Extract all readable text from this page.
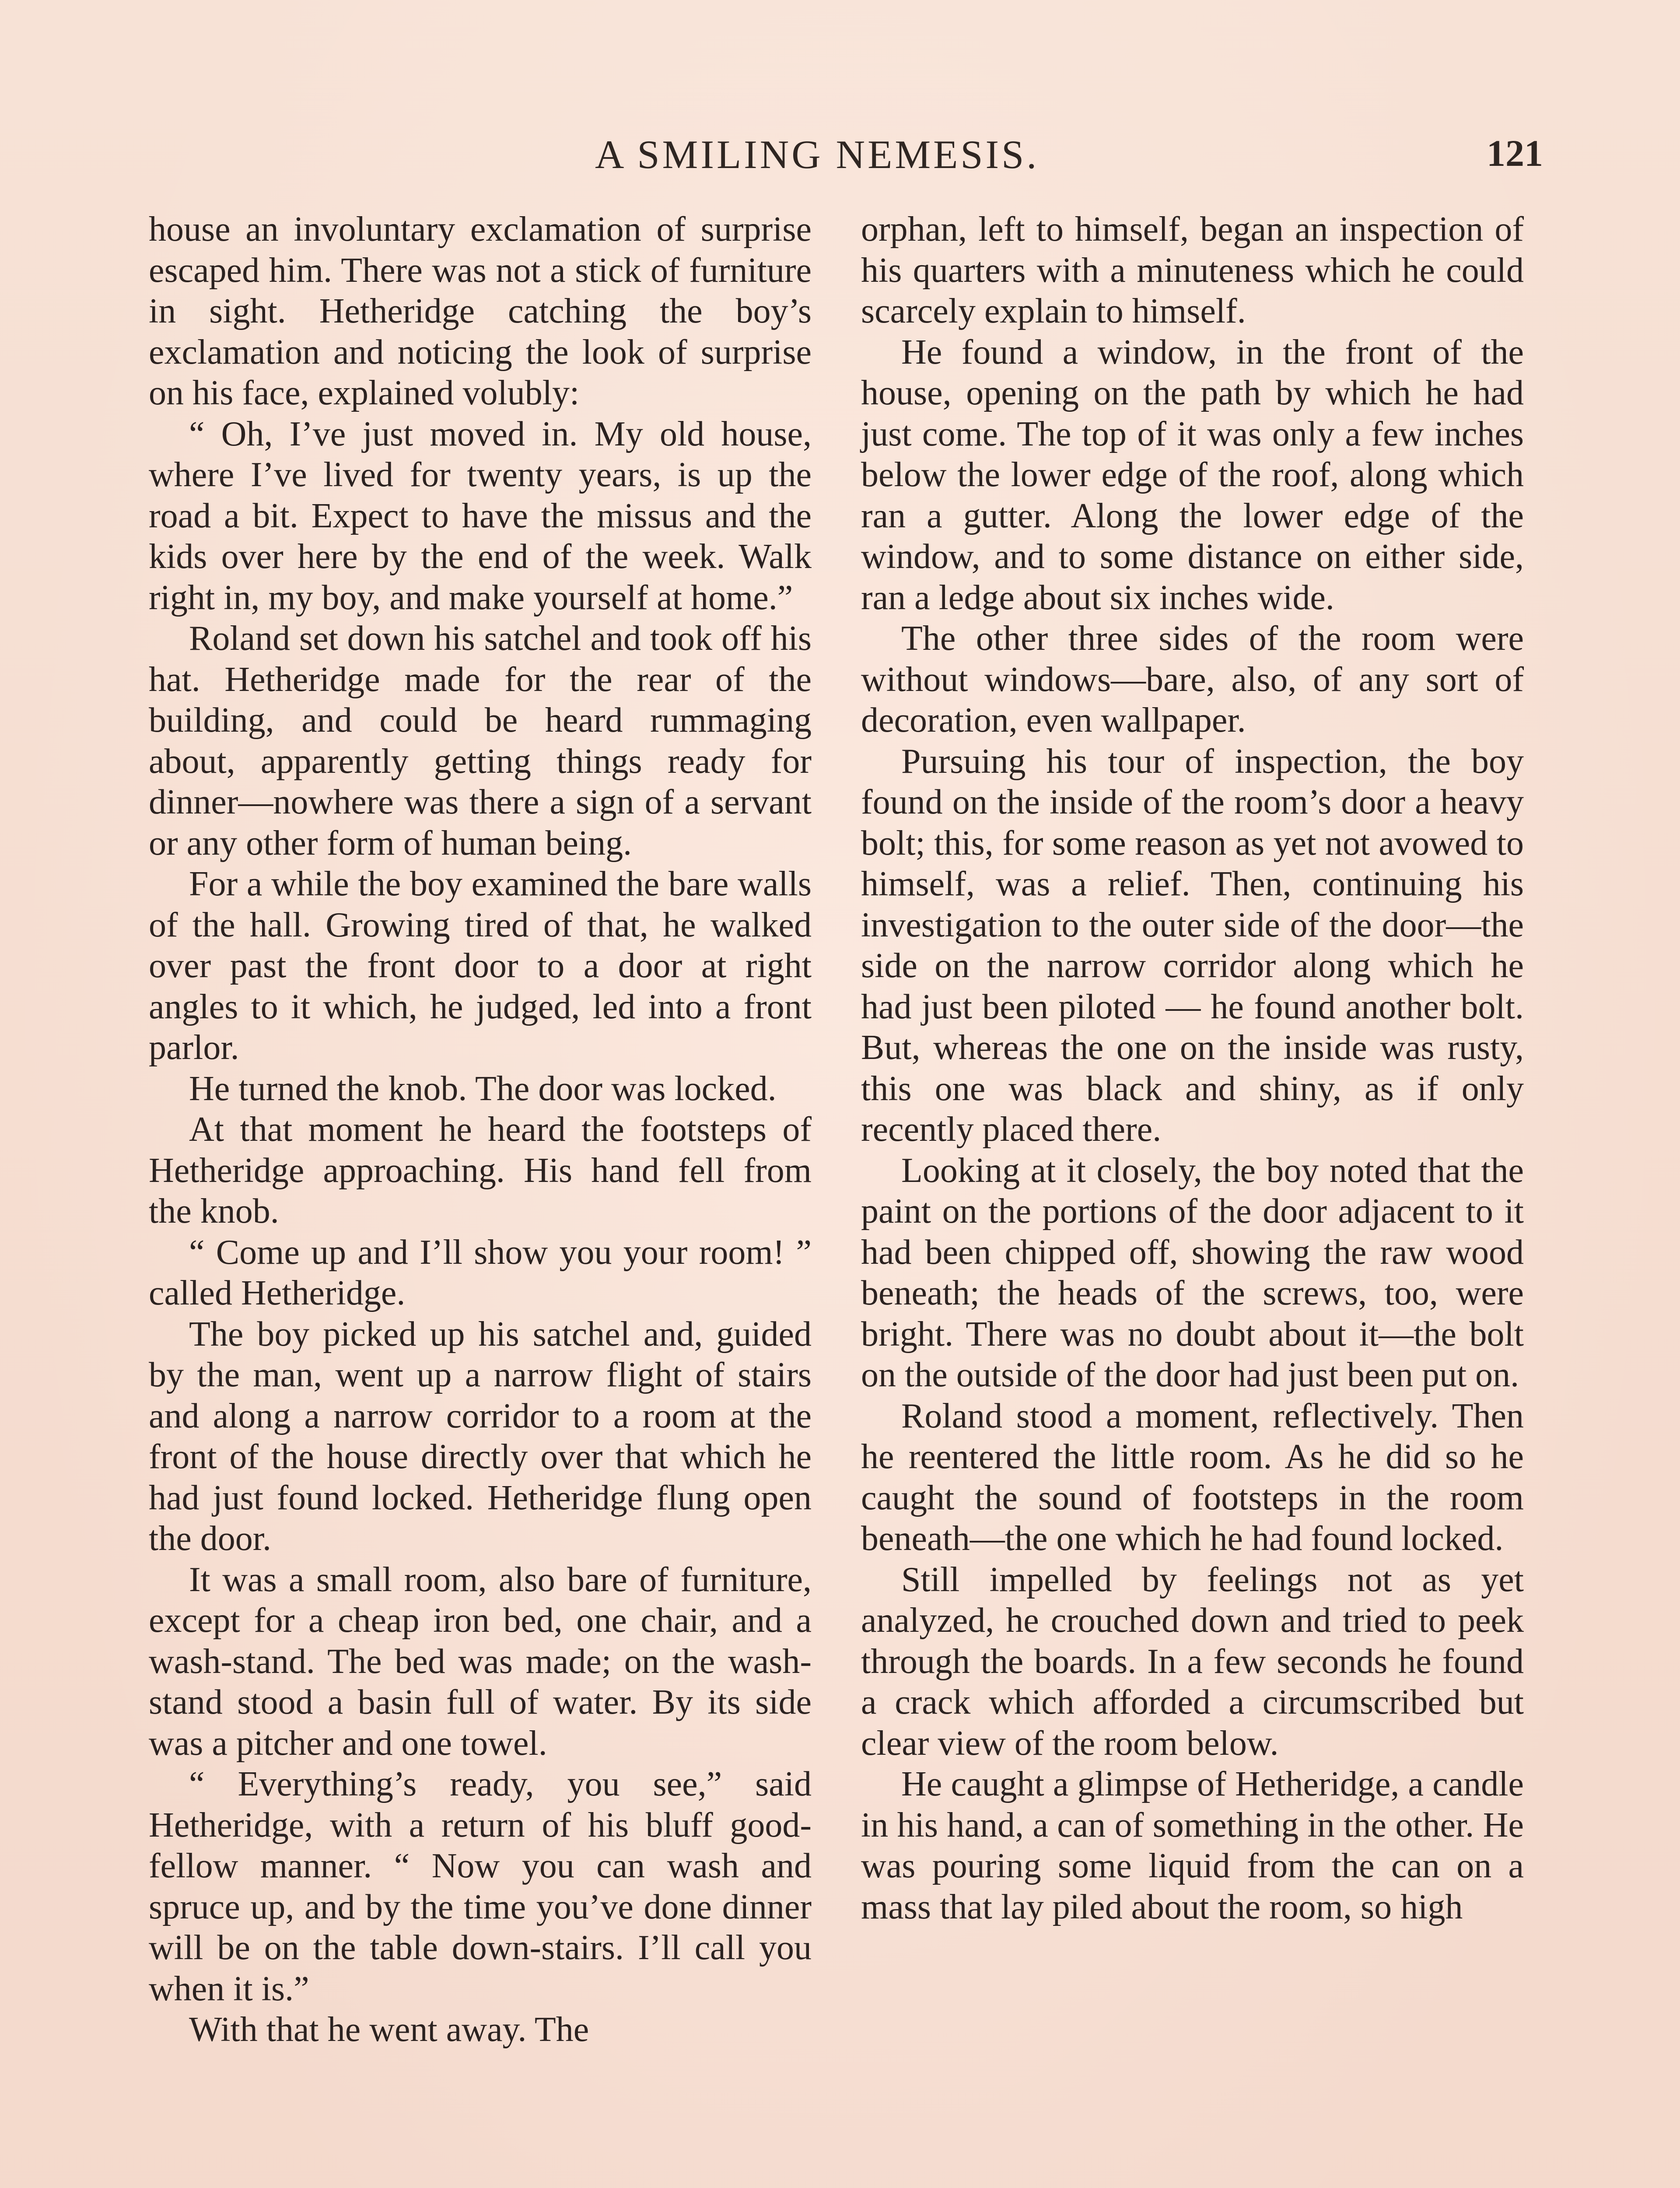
A SMILING NEMESIS.	121

house an involuntary exclamation of surprise escaped him. There was not a stick of furniture in sight. Hetheridge catching the boy’s exclamation and noticing the look of surprise on his face, explained volubly:

“ Oh, I’ve just moved in. My old house, where I’ve lived for twenty years, is up the road a bit. Expect to have the missus and the kids over here by the end of the week. Walk right in, my boy, and make yourself at home.”

Roland set down his satchel and took off his hat. Hetheridge made for the rear of the building, and could be heard rummaging about, apparently getting things ready for dinner—nowhere was there a sign of a servant or any other form of human being.

For a while the boy examined the bare walls of the hall. Growing tired of that, he walked over past the front door to a door at right angles to it which, he judged, led into a front parlor.

He turned the knob. The door was locked.

At that moment he heard the footsteps of Hetheridge approaching. His hand fell from the knob.

“ Come up and I’ll show you your room! ” called Hetheridge.

The boy picked up his satchel and, guided by the man, went up a narrow flight of stairs and along a narrow corridor to a room at the front of the house directly over that which he had just found locked. Hetheridge flung open the door.

It was a small room, also bare of furniture, except for a cheap iron bed, one chair, and a wash-stand. The bed was made; on the wash-stand stood a basin full of water. By its side was a pitcher and one towel.

“ Everything’s ready, you see,” said Hetheridge, with a return of his bluff good-fellow manner. “ Now you can wash and spruce up, and by the time you’ve done dinner will be on the table down-stairs. I’ll call you when it is.”

With that he went away. The

orphan, left to himself, began an inspection of his quarters with a minuteness which he could scarcely explain to himself.

He found a window, in the front of the house, opening on the path by which he had just come. The top of it was only a few inches below the lower edge of the roof, along which ran a gutter. Along the lower edge of the window, and to some distance on either side, ran a ledge about six inches wide.

The other three sides of the room were without windows—bare, also, of any sort of decoration, even wallpaper.

Pursuing his tour of inspection, the boy found on the inside of the room’s door a heavy bolt; this, for some reason as yet not avowed to himself, was a relief. Then, continuing his investigation to the outer side of the door—the side on the narrow corridor along which he had just been piloted — he found another bolt. But, whereas the one on the inside was rusty, this one was black and shiny, as if only recently placed there.

Looking at it closely, the boy noted that the paint on the portions of the door adjacent to it had been chipped off, showing the raw wood beneath; the heads of the screws, too, were bright. There was no doubt about it—the bolt on the outside of the door had just been put on.

Roland stood a moment, reflectively. Then he reentered the little room. As he did so he caught the sound of footsteps in the room beneath—the one which he had found locked.

Still impelled by feelings not as yet analyzed, he crouched down and tried to peek through the boards. In a few seconds he found a crack which afforded a circumscribed but clear view of the room below.

He caught a glimpse of Hetheridge, a candle in his hand, a can of something in the other. He was pouring some liquid from the can on a mass that lay piled about the room, so high
